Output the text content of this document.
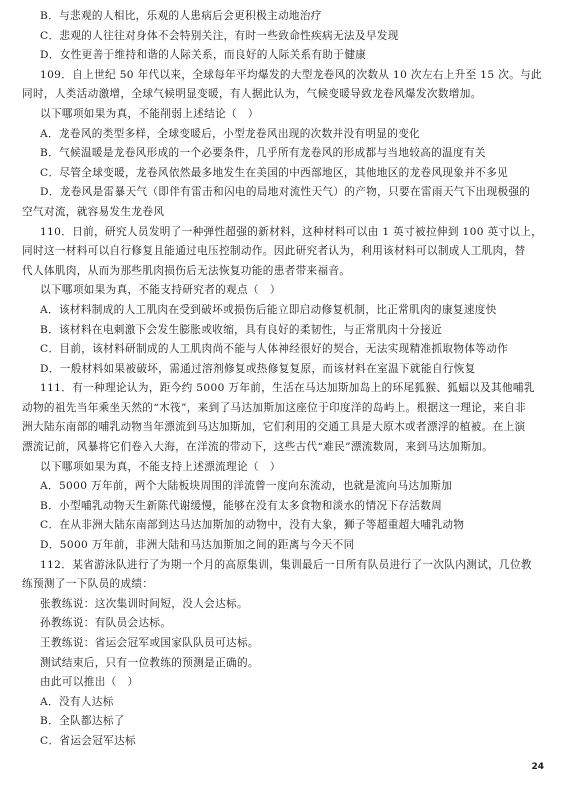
B．与悲观的人相比，乐观的人患病后会更积极主动地治疗
C．悲观的人往往对身体不会特别关注，有时一些致命性疾病无法及早发现
D．女性更善于维持和谐的人际关系，而良好的人际关系有助于健康
109．自上世纪 50 年代以来，全球每年平均爆发的大型龙卷风的次数从 10 次左右上升至 15 次。与此
同时，人类活动激增，全球气候明显变暖，有人据此认为，气候变暖导致龙卷风爆发次数增加。
以下哪项如果为真，不能削弱上述结论（　）
A．龙卷风的类型多样，全球变暖后，小型龙卷风出现的次数并没有明显的变化
B．气候温暖是龙卷风形成的一个必要条件，几乎所有龙卷风的形成都与当地较高的温度有关
C．尽管全球变暖，龙卷风依然最多地发生在美国的中西部地区，其他地区的龙卷风现象并不多见
D．龙卷风是雷暴天气（即伴有雷击和闪电的局地对流性天气）的产物，只要在雷雨天气下出现极强的
空气对流，就容易发生龙卷风
110．日前，研究人员发明了一种弹性超强的新材料，这种材料可以由 1 英寸被拉伸到 100 英寸以上，
同时这一材料可以自行修复且能通过电压控制动作。因此研究者认为，利用该材料可以制成人工肌肉，替
代人体肌肉，从而为那些肌肉损伤后无法恢复功能的患者带来福音。
以下哪项如果为真，不能支持研究者的观点（　）
A．该材料制成的人工肌肉在受到破坏或损伤后能立即启动修复机制，比正常肌肉的康复速度快
B．该材料在电刺激下会发生膨胀或收缩，具有良好的柔韧性，与正常肌肉十分接近
C．目前，该材料研制成的人工肌肉尚不能与人体神经很好的契合，无法实现精准抓取物体等动作
D．一般材料如果被破坏，需通过溶剂修复或热修复复原，而该材料在室温下就能自行恢复
111．有一种理论认为，距今约 5000 万年前，生活在马达加斯加岛上的环尾狐猴、狐蝠以及其他哺乳
动物的祖先当年乘坐天然的“木筏”，来到了马达加斯加这座位于印度洋的岛屿上。根据这一理论，来自非
洲大陆东南部的哺乳动物当年漂流到马达加斯加，它们利用的交通工具是大原木或者漂浮的植被。在上演
漂流记前，风暴将它们卷入大海，在洋流的带动下，这些古代“难民”漂流数周，来到马达加斯加。
以下哪项如果为真，不能支持上述漂流理论（　）
A．5000 万年前，两个大陆板块周围的洋流曾一度向东流动，也就是流向马达加斯加
B．小型哺乳动物天生新陈代谢缓慢，能够在没有太多食物和淡水的情况下存活数周
C．在从非洲大陆东南部到达马达加斯加的动物中，没有大象，狮子等超重超大哺乳动物
D．5000 万年前，非洲大陆和马达加斯加之间的距离与今天不同
112．某省游泳队进行了为期一个月的高原集训，集训最后一日所有队员进行了一次队内测试，几位教
练预测了一下队员的成绩：
张教练说：这次集训时间短，没人会达标。
孙教练说：有队员会达标。
王教练说：省运会冠军或国家队队员可达标。
测试结束后，只有一位教练的预测是正确的。
由此可以推出（　）
A．没有人达标
B．全队都达标了
C．省运会冠军达标
24
